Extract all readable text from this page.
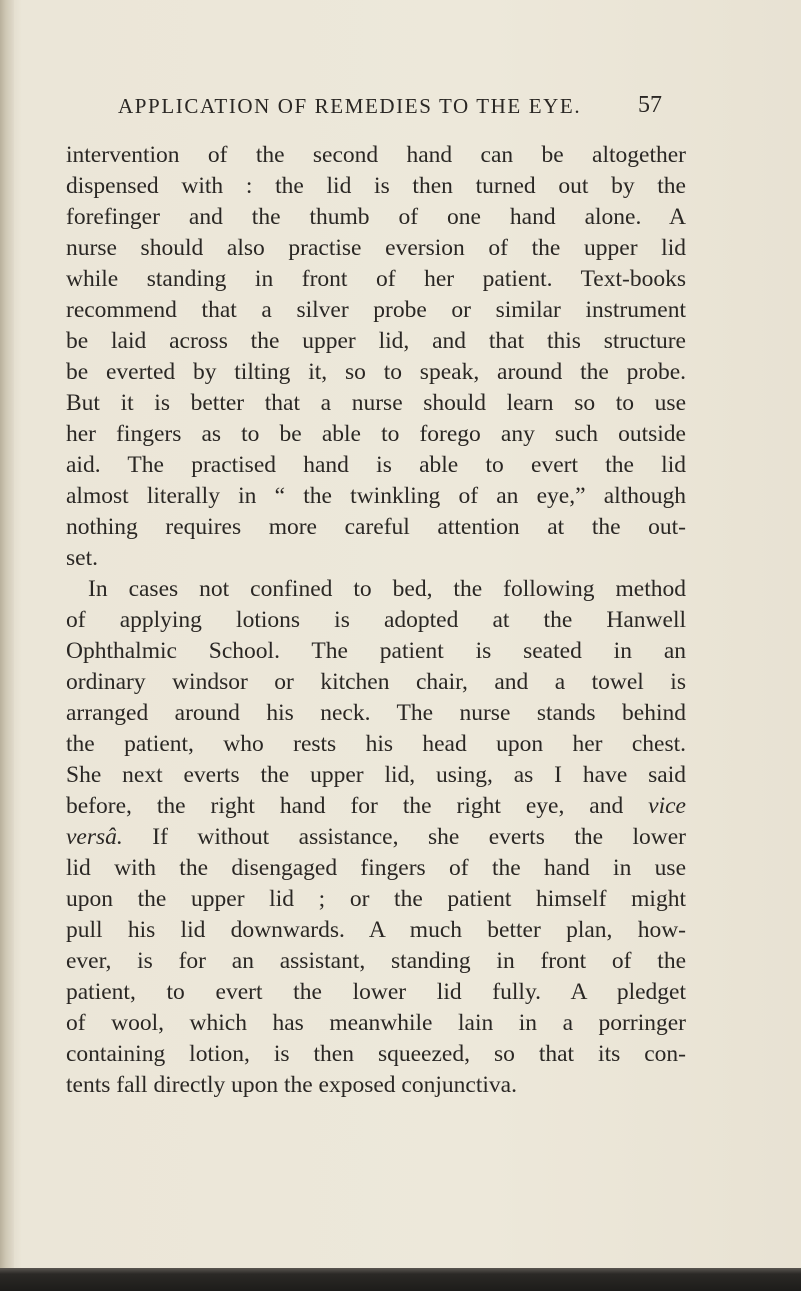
APPLICATION OF REMEDIES TO THE EYE. 57
intervention of the second hand can be altogether
dispensed with : the lid is then turned out by the
forefinger and the thumb of one hand alone. A
nurse should also practise eversion of the upper lid
while standing in front of her patient. Text-books
recommend that a silver probe or similar instrument
be laid across the upper lid, and that this structure
be everted by tilting it, so to speak, around the probe.
But it is better that a nurse should learn so to use
her fingers as to be able to forego any such outside
aid. The practised hand is able to evert the lid
almost literally in “ the twinkling of an eye,” although
nothing requires more careful attention at the out-
set.
In cases not confined to bed, the following method
of applying lotions is adopted at the Hanwell
Ophthalmic School. The patient is seated in an
ordinary windsor or kitchen chair, and a towel is
arranged around his neck. The nurse stands behind
the patient, who rests his head upon her chest.
She next everts the upper lid, using, as I have said
before, the right hand for the right eye, and vice
versâ. If without assistance, she everts the lower
lid with the disengaged fingers of the hand in use
upon the upper lid ; or the patient himself might
pull his lid downwards. A much better plan, how-
ever, is for an assistant, standing in front of the
patient, to evert the lower lid fully. A pledget
of wool, which has meanwhile lain in a porringer
containing lotion, is then squeezed, so that its con-
tents fall directly upon the exposed conjunctiva.
